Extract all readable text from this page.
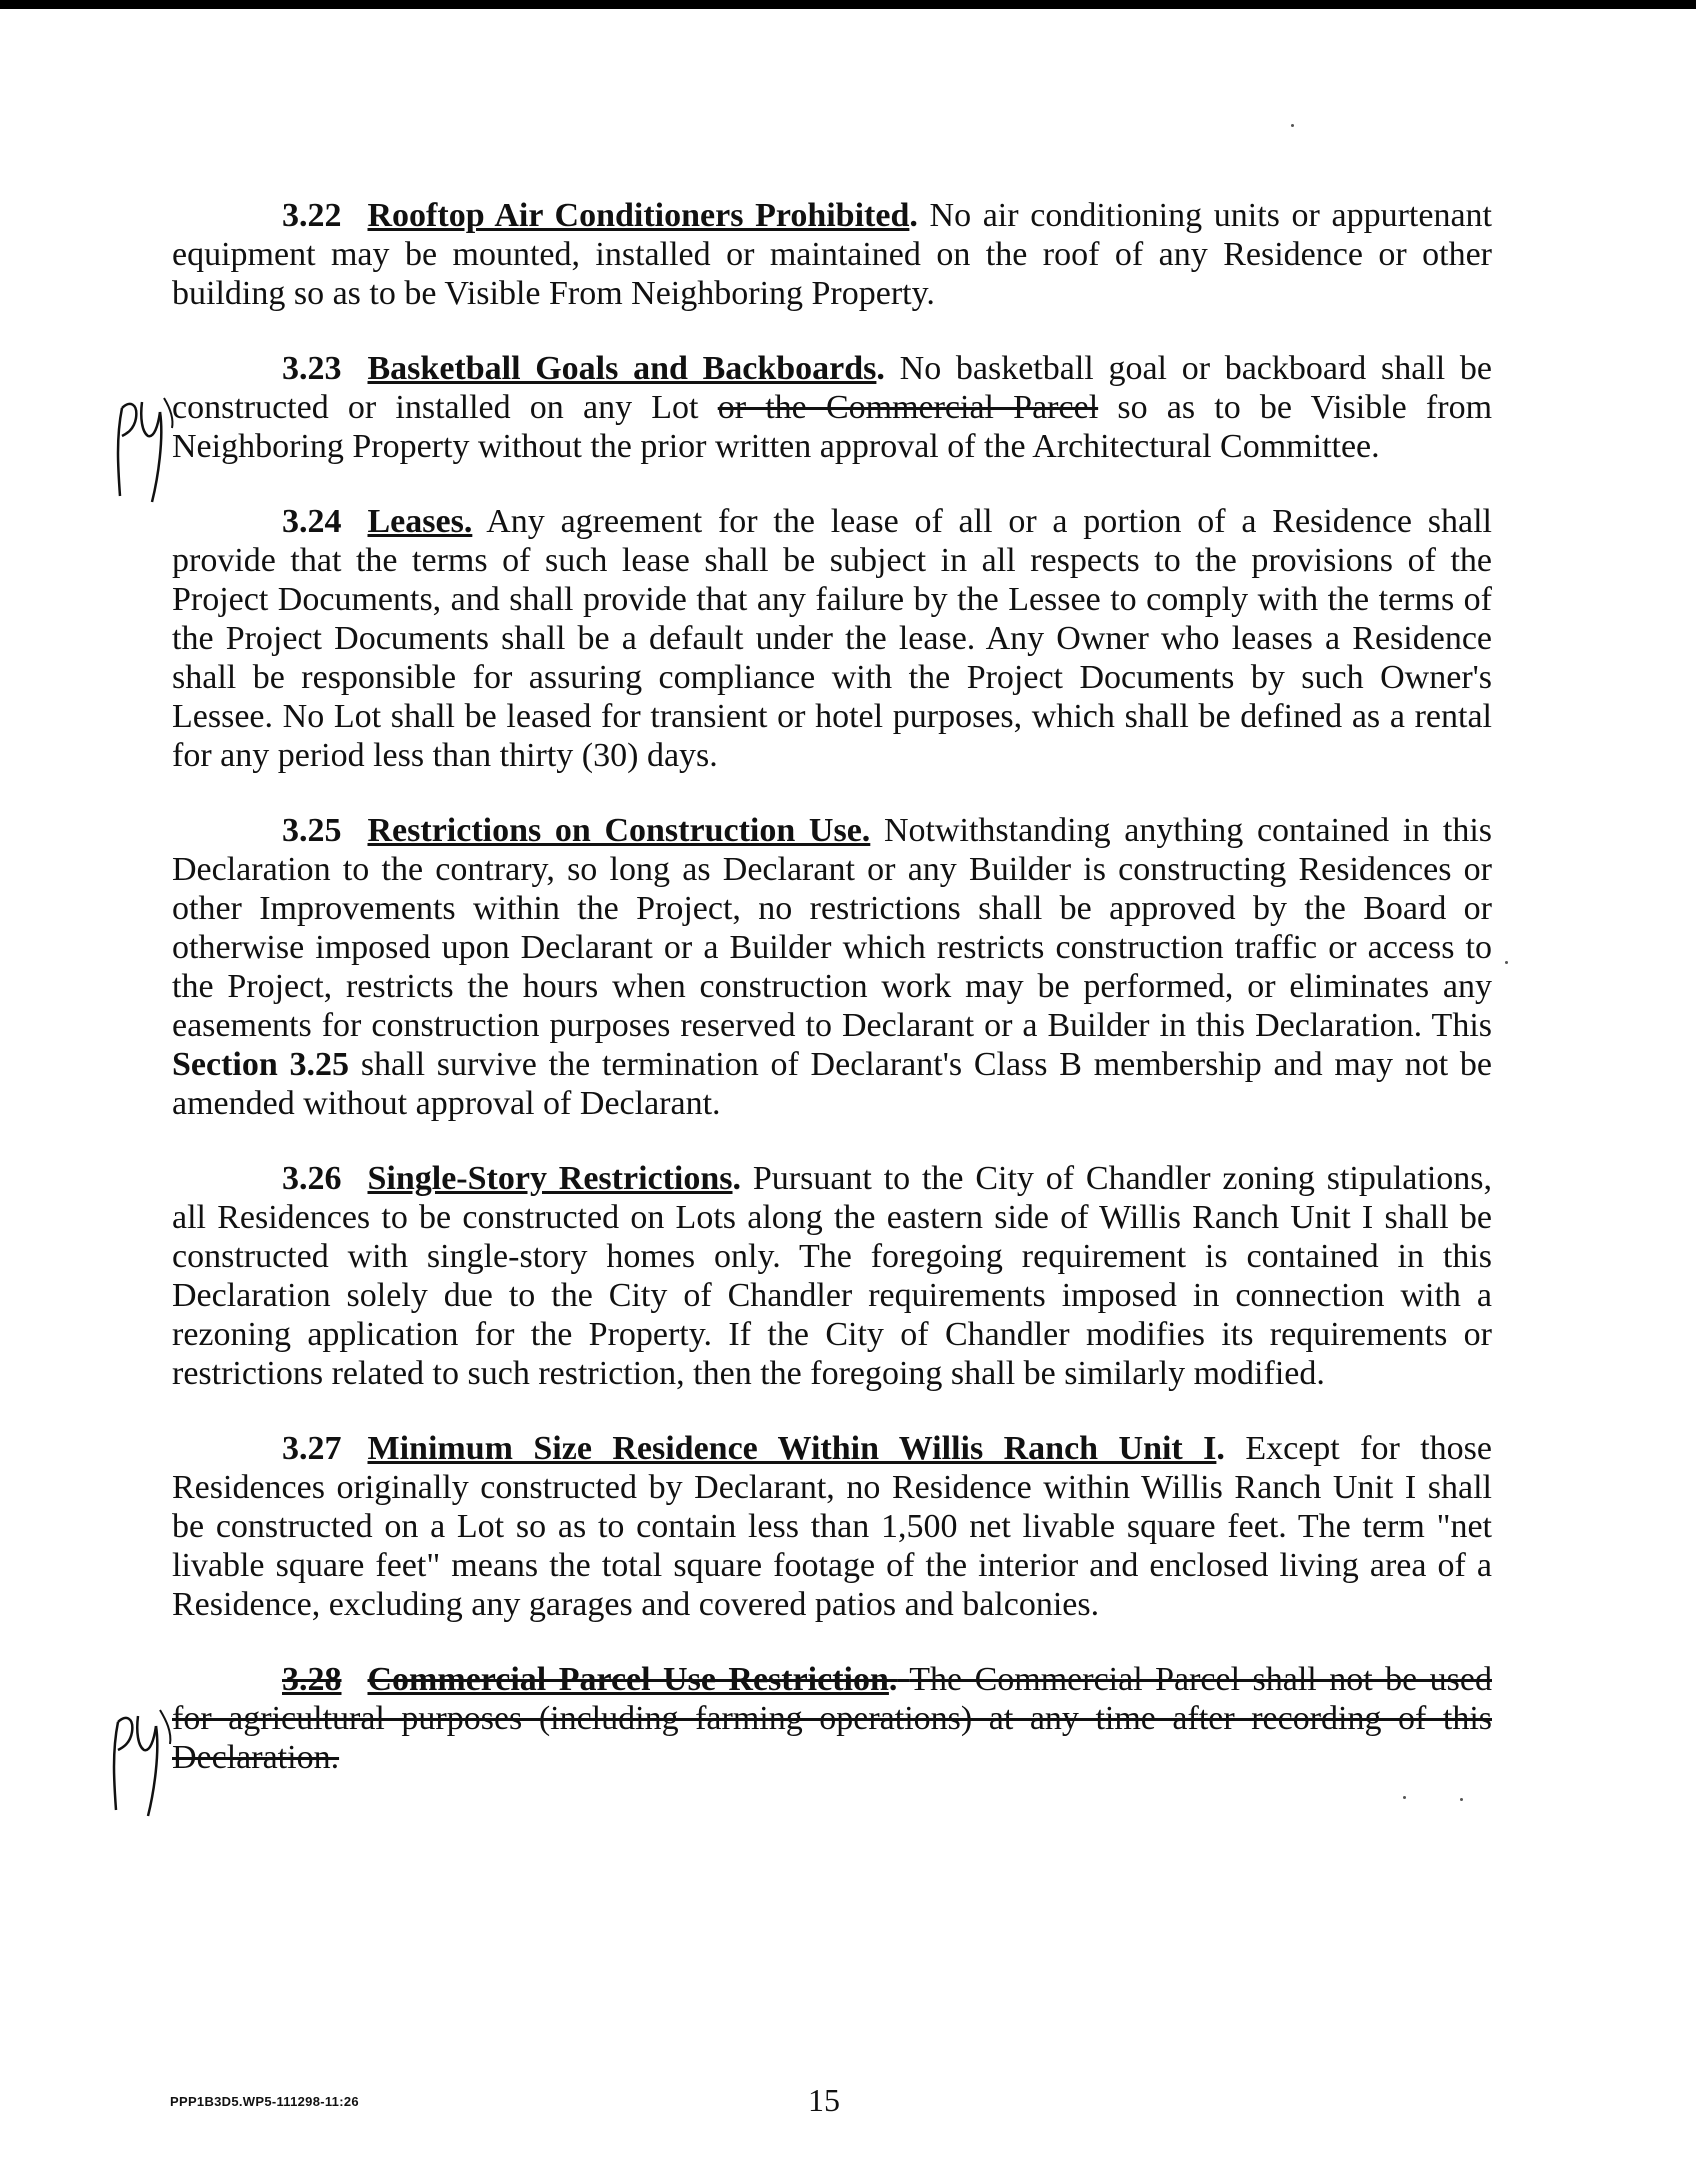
3.22 Rooftop Air Conditioners Prohibited. No air conditioning units or appurtenant equipment may be mounted, installed or maintained on the roof of any Residence or other building so as to be Visible From Neighboring Property.

3.23 Basketball Goals and Backboards. No basketball goal or backboard shall be constructed or installed on any Lot or the Commercial Parcel so as to be Visible from Neighboring Property without the prior written approval of the Architectural Committee.

3.24 Leases. Any agreement for the lease of all or a portion of a Residence shall provide that the terms of such lease shall be subject in all respects to the provisions of the Project Documents, and shall provide that any failure by the Lessee to comply with the terms of the Project Documents shall be a default under the lease. Any Owner who leases a Residence shall be responsible for assuring compliance with the Project Documents by such Owner's Lessee. No Lot shall be leased for transient or hotel purposes, which shall be defined as a rental for any period less than thirty (30) days.

3.25 Restrictions on Construction Use. Notwithstanding anything contained in this Declaration to the contrary, so long as Declarant or any Builder is constructing Residences or other Improvements within the Project, no restrictions shall be approved by the Board or otherwise imposed upon Declarant or a Builder which restricts construction traffic or access to the Project, restricts the hours when construction work may be performed, or eliminates any easements for construction purposes reserved to Declarant or a Builder in this Declaration. This Section 3.25 shall survive the termination of Declarant's Class B membership and may not be amended without approval of Declarant.

3.26 Single-Story Restrictions. Pursuant to the City of Chandler zoning stipulations, all Residences to be constructed on Lots along the eastern side of Willis Ranch Unit I shall be constructed with single-story homes only. The foregoing requirement is contained in this Declaration solely due to the City of Chandler requirements imposed in connection with a rezoning application for the Property. If the City of Chandler modifies its requirements or restrictions related to such restriction, then the foregoing shall be similarly modified.

3.27 Minimum Size Residence Within Willis Ranch Unit I. Except for those Residences originally constructed by Declarant, no Residence within Willis Ranch Unit I shall be constructed on a Lot so as to contain less than 1,500 net livable square feet. The term "net livable square feet" means the total square footage of the interior and enclosed living area of a Residence, excluding any garages and covered patios and balconies.

3.28 Commercial Parcel Use Restriction. The Commercial Parcel shall not be used for agricultural purposes (including farming operations) at any time after recording of this Declaration.

PPP1B3D5.WP5-111298-11:26	15
